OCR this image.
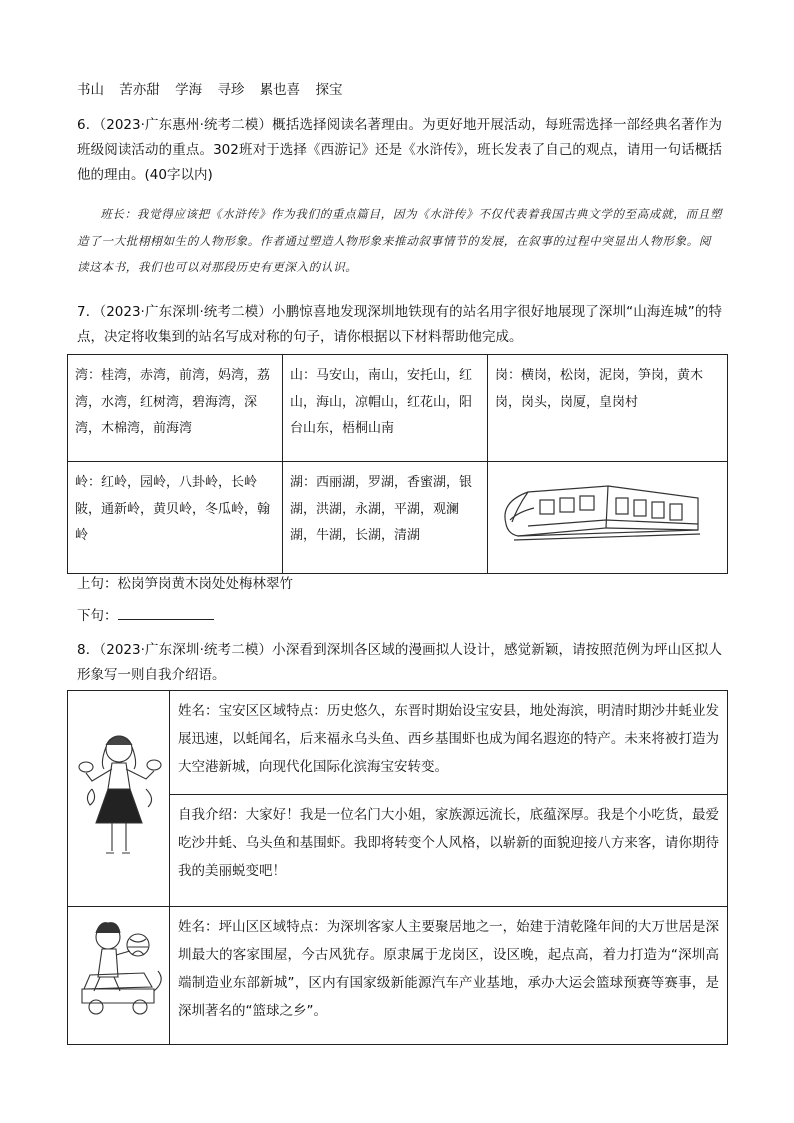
书山 苦亦甜 学海 寻珍 累也喜 探宝
6．（2023·广东惠州·统考二模）概括选择阅读名著理由。为更好地开展活动，每班需选择一部经典名著作为班级阅读活动的重点。302班对于选择《西游记》还是《水浒传》，班长发表了自己的观点，请用一句话概括他的理由。(40字以内)
班长：我觉得应该把《水浒传》作为我们的重点篇目，因为《水浒传》不仅代表着我国古典文学的至高成就，而且塑造了一大批栩栩如生的人物形象。作者通过塑造人物形象来推动叙事情节的发展，在叙事的过程中突显出人物形象。阅读这本书，我们也可以对那段历史有更深入的认识。
7．（2023·广东深圳·统考二模）小鹏惊喜地发现深圳地铁现有的站名用字很好地展现了深圳“山海连城”的特点，决定将收集到的站名写成对称的句子，请你根据以下材料帮助他完成。
湾：桂湾，赤湾，前湾，妈湾，荔湾，水湾，红树湾，碧海湾，深湾，木棉湾，前海湾	山：马安山，南山，安托山，红山，海山，凉帽山，红花山，阳台山东，梧桐山南	岗：横岗，松岗，泥岗，笋岗，黄木岗，岗头，岗厦，皇岗村
岭：红岭，园岭，八卦岭，长岭陂，通新岭，黄贝岭，冬瓜岭，翰岭	湖：西丽湖，罗湖，香蜜湖，银湖，洪湖，永湖，平湖，观澜湖，牛湖，长湖，清湖	
上句：松岗笋岗黄木岗处处梅林翠竹
下句：
8．（2023·广东深圳·统考二模）小深看到深圳各区域的漫画拟人设计，感觉新颖，请按照范例为坪山区拟人形象写一则自我介绍语。
	姓名：宝安区区域特点：历史悠久，东晋时期始设宝安县，地处海滨，明清时期沙井蚝业发展迅速，以蚝闻名，后来福永乌头鱼、西乡基围虾也成为闻名遐迩的特产。未来将被打造为大空港新城，向现代化国际化滨海宝安转变。
	自我介绍：大家好！我是一位名门大小姐，家族源远流长，底蕴深厚。我是个小吃货，最爱吃沙井蚝、乌头鱼和基围虾。我即将转变个人风格，以崭新的面貌迎接八方来客，请你期待我的美丽蜕变吧！
	姓名：坪山区区域特点：为深圳客家人主要聚居地之一，始建于清乾隆年间的大万世居是深圳最大的客家围屋，今古风犹存。原隶属于龙岗区，设区晚，起点高，着力打造为“深圳高端制造业东部新城”，区内有国家级新能源汽车产业基地，承办大运会篮球预赛等赛事，是深圳著名的“篮球之乡”。
